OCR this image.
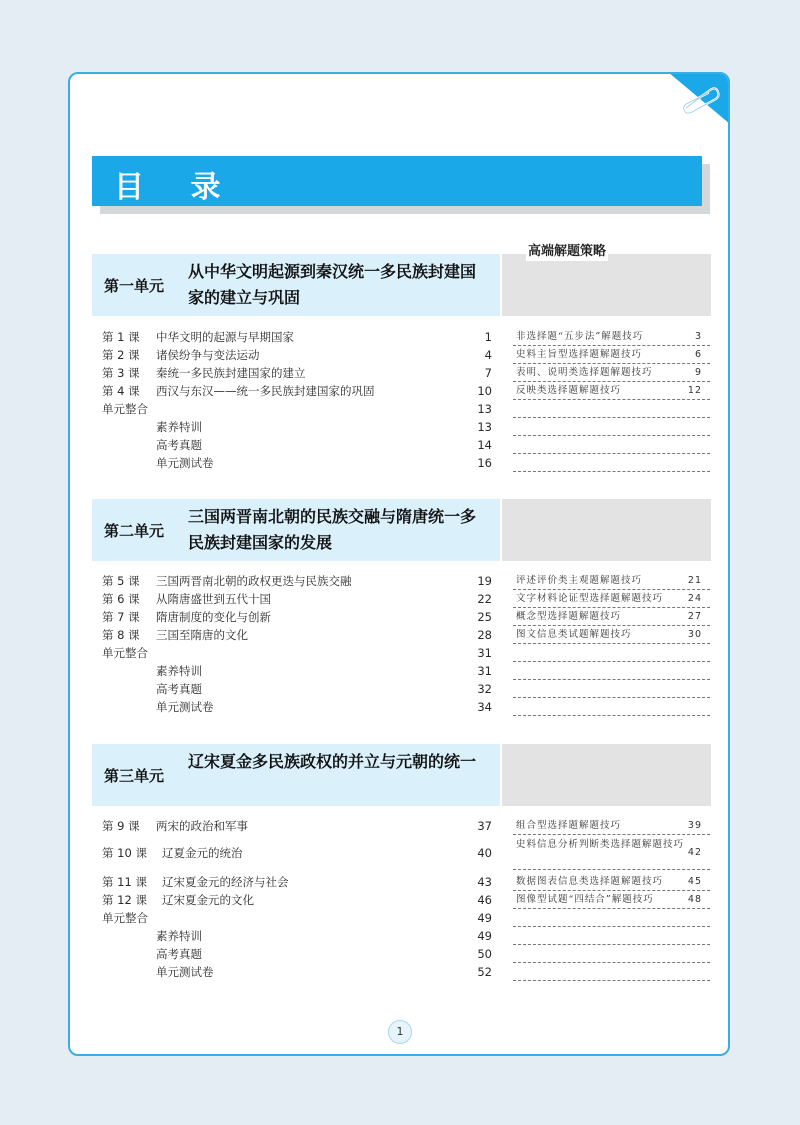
目 录
高端解题策略
第一单元
从中华文明起源到秦汉统一多民族封建国家的建立与巩固
第 1 课 中华文明的起源与早期国家	1
第 2 课 诸侯纷争与变法运动	4
第 3 课 秦统一多民族封建国家的建立	7
第 4 课 西汉与东汉——统一多民族封建国家的巩固	10
单元整合	13
素养特训	13
高考真题	14
单元测试卷	16
非选择题“五步法”解题技巧	3
史料主旨型选择题解题技巧	6
表明、说明类选择题解题技巧	9
反映类选择题解题技巧	12
第二单元
三国两晋南北朝的民族交融与隋唐统一多民族封建国家的发展
第 5 课 三国两晋南北朝的政权更迭与民族交融	19
第 6 课 从隋唐盛世到五代十国	22
第 7 课 隋唐制度的变化与创新	25
第 8 课 三国至隋唐的文化	28
单元整合	31
素养特训	31
高考真题	32
单元测试卷	34
评述评价类主观题解题技巧	21
文字材料论证型选择题解题技巧	24
概念型选择题解题技巧	27
图文信息类试题解题技巧	30
第三单元
辽宋夏金多民族政权的并立与元朝的统一
第 9 课 两宋的政治和军事	37
第 10 课 辽夏金元的统治	40
第 11 课 辽宋夏金元的经济与社会	43
第 12 课 辽宋夏金元的文化	46
单元整合	49
素养特训	49
高考真题	50
单元测试卷	52
组合型选择题解题技巧	39
史料信息分析判断类选择题解题技巧
42
数据图表信息类选择题解题技巧	45
图像型试题“四结合”解题技巧	48
1
